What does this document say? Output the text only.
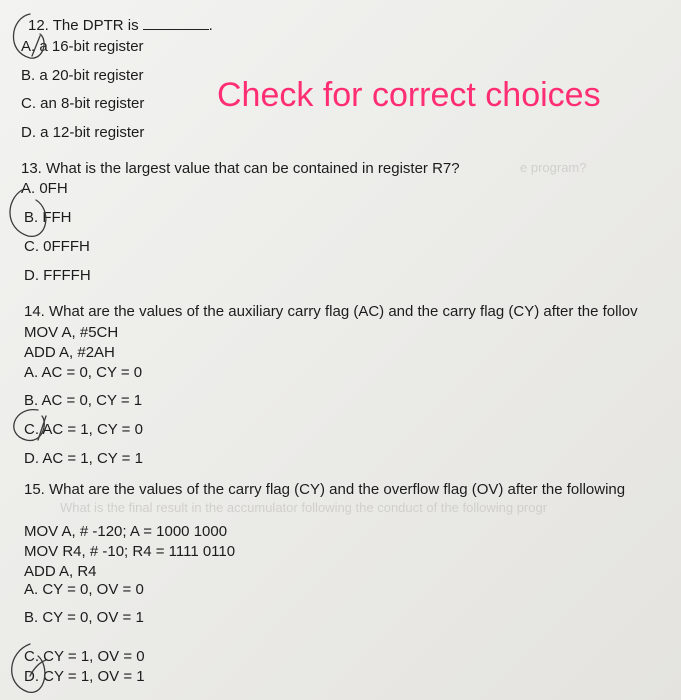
e program?
What is the final result in the accumulator following the conduct of the following progr
12. The DPTR is	.
A. a 16-bit register
B. a 20-bit register
C. an 8-bit register
D. a 12-bit register
Check for correct choices
13. What is the largest value that can be contained in register R7?
A. 0FH
B. FFH
C. 0FFFH
D. FFFFH
14. What are the values of the auxiliary carry flag (AC) and the carry flag (CY) after the follov
MOV A, #5CH
ADD A, #2AH
A. AC = 0, CY = 0
B. AC = 0, CY = 1
C. AC = 1, CY = 0
D. AC = 1, CY = 1
15. What are the values of the carry flag (CY) and the overflow flag (OV) after the following
MOV A, # -120; A = 1000 1000
MOV R4, # -10; R4 = 1111 0110
ADD A, R4
A. CY = 0, OV = 0
B. CY = 0, OV = 1
C. CY = 1, OV = 0
D. CY = 1, OV = 1
